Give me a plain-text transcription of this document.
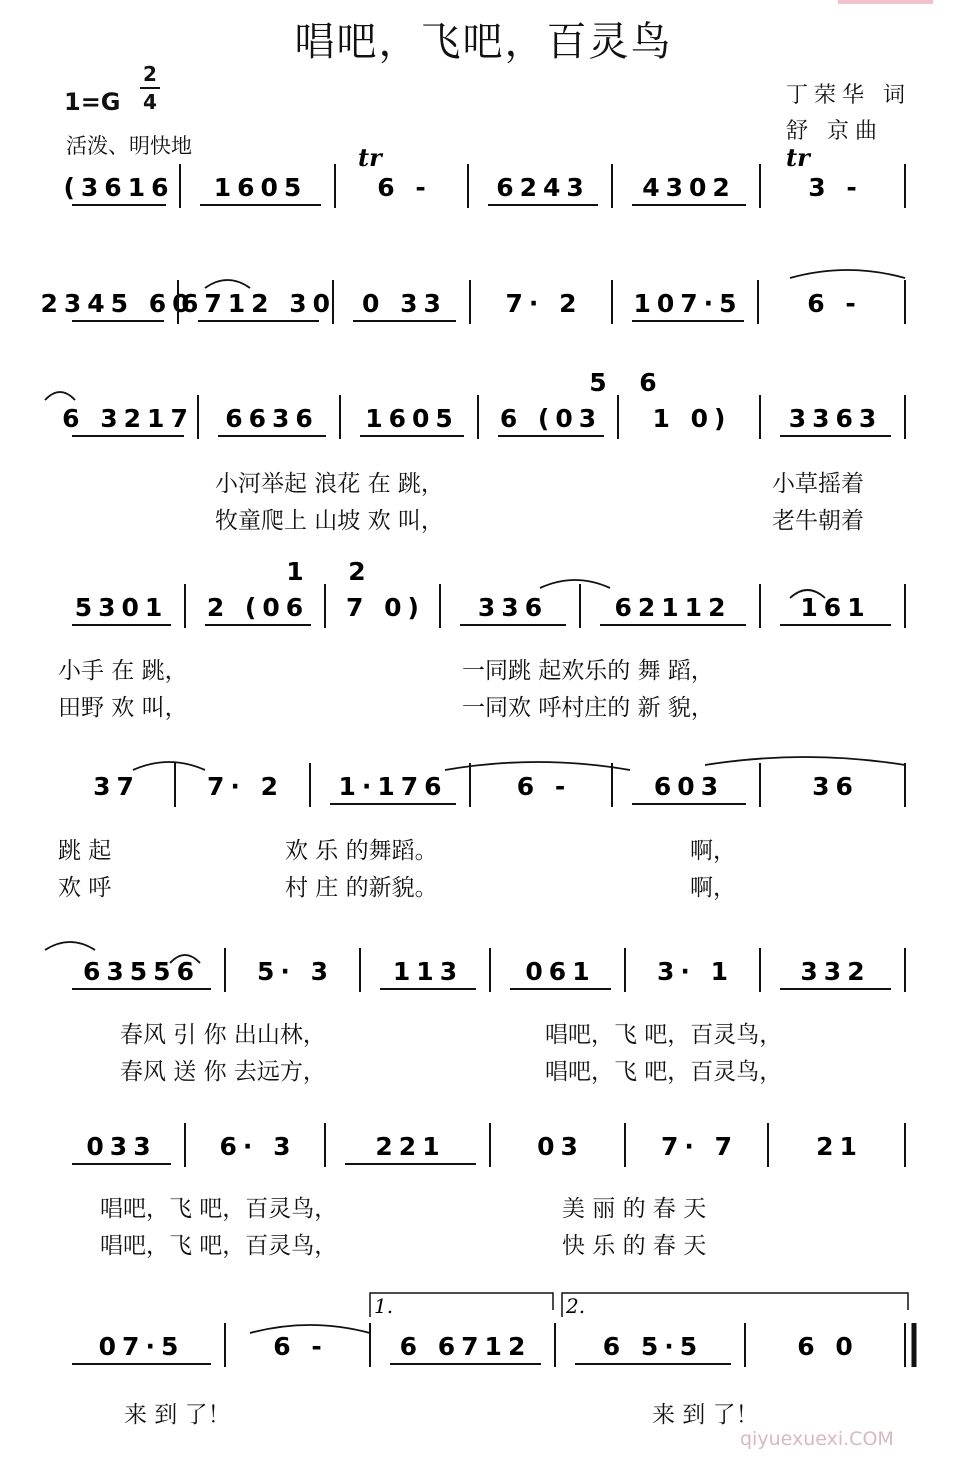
唱吧，飞吧，百灵鸟
1=G
2
4
活泼、明快地
丁荣华 词
舒 京曲
(3616 1605	6 -	6243 4302	3 -
tr	tr
2345 60
6712 30 0 33 7· 2 107·5	6 -
6 3217 6636 1605 6 (03 1 0) 3363
5 6
5301 2 (06 7 0) 336	62112	161
1 2
37	7· 2 1·176	6 -	603	36
63556 5· 3 113 061 3· 1	332
033	6· 3	221	03	7· 7	21
07·5	6 -	6 6712	6 5·5	6 0
1.	2.
小河举起 浪花 在 跳，	小草摇着
牧童爬上 山坡 欢 叫，	老牛朝着
小手 在 跳，	一同跳 起欢乐的 舞 蹈，
田野 欢 叫，	一同欢 呼村庄的 新 貌，
跳 起	欢 乐 的舞蹈。	啊，
欢 呼	村 庄 的新貌。	啊，
春风 引 你 出山林，	唱吧，飞 吧，百灵鸟，
春风 送 你 去远方，	唱吧，飞 吧，百灵鸟，
唱吧，飞 吧，百灵鸟，	美 丽 的 春 天
唱吧，飞 吧，百灵鸟，	快 乐 的 春 天
来 到 了！	来 到 了！
qiyuexuexi.COM
